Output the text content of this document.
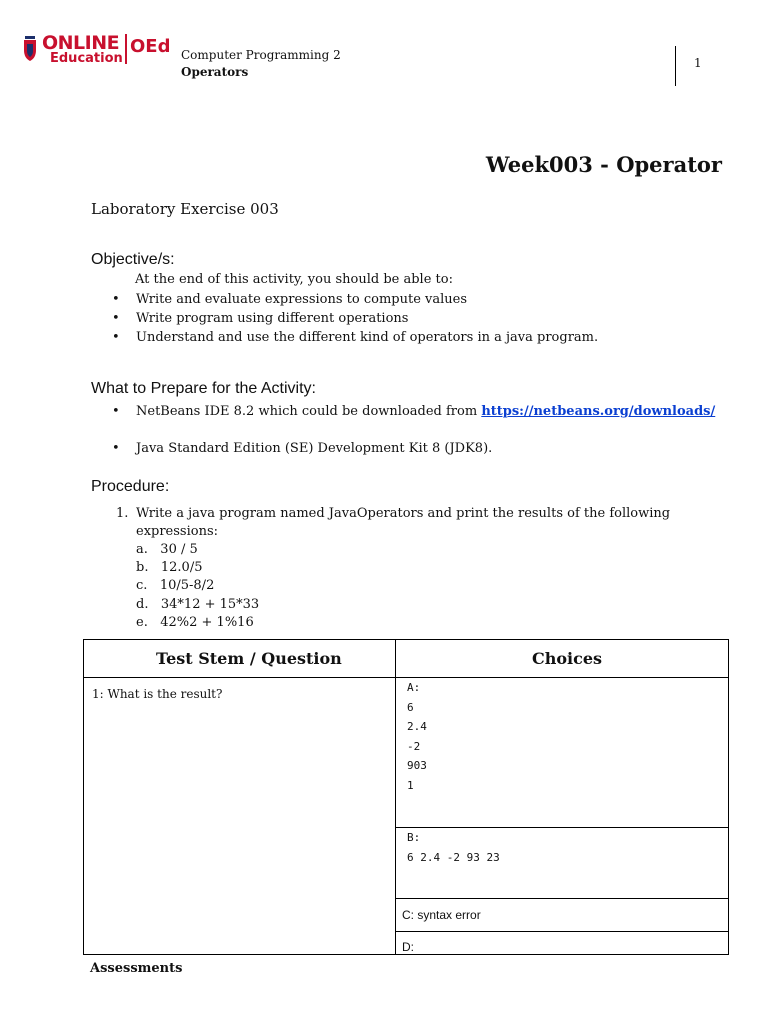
ONLINE
Education
OEd Computer Programming 2
Operators
1
Week003 - Operator
Laboratory Exercise 003
Objective/s:

At the end of this activity, you should be able to:

• Write and evaluate expressions to compute values
• Write program using different operations
• Understand and use the different kind of operators in a java program.
What to Prepare for the Activity:
• NetBeans IDE 8.2 which could be downloaded from https://netbeans.org/downloads/
• Java Standard Edition (SE) Development Kit 8 (JDK8).
Procedure:
1. Write a java program named JavaOperators and print the results of the following

expressions:

a. 30 / 5
b. 12.0/5
c. 10/5-8/2
d. 34*12 + 15*33
e. 42%2 + 1%16
Test Stem / Question	Choices
1: What is the result?	A:
6
2.4
-2
903
1
B:
6 2.4 -2 93 23
C: syntax error
D:

Assessments
